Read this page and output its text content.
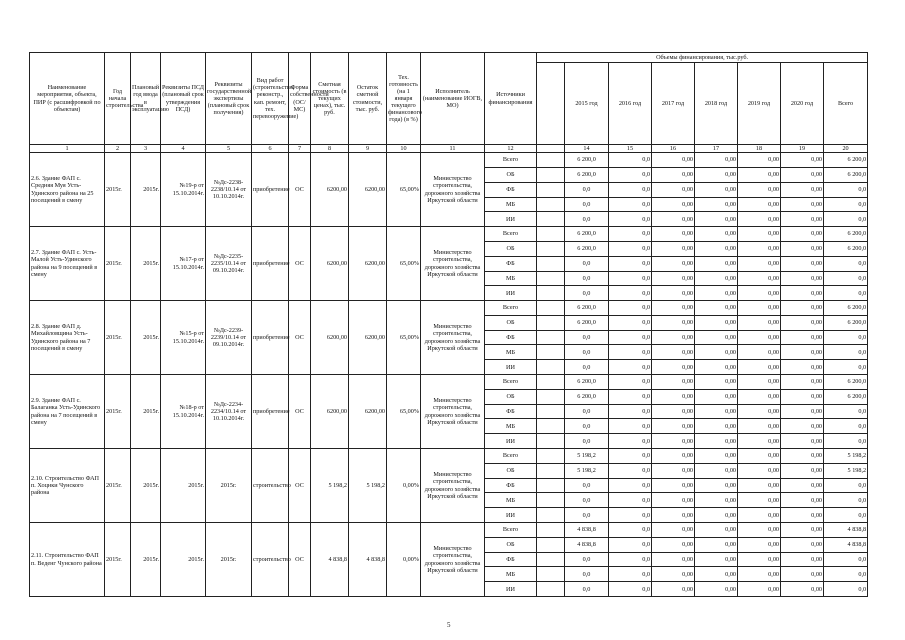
Наименование мероприятия, объекта, ПИР (с расшифровкой по объектам)	Год начала строительства	Плановый год ввода в эксплуатацию	Реквизиты ПСД (плановый срок утверждения ПСД)	Реквизиты государственной экспертизы (плановый срок получения)	Вид работ (строительство, реконстр., кап. ремонт, тех. перевооружение)	Форма собственности (ОС/МС)	Сметная стоимость (в текущих ценах), тыс. руб.	Остаток сметной стоимости, тыс. руб.	Тех. готовность (на 1 января текущего финансового года) (в %)	Исполнитель (наименование ИОГВ, МО)	Источники финансирования	Объемы финансирования, тыс.руб.							
													2015 год	2016 год	2017 год	2018 год	2019 год	2020 год	Всего
1	2	3	4	5	6	7	8	9	10	11	12		14	15	16	17	18	19	20
2.6. Здание ФАП с. Средняя Муя Усть-Удинского района на 25 посещений в смену	2015г.	2015г.	№19-р от 15.10.2014г.	№Дс-2238-2238/10.14 от 10.10.2014г.	приобретение	ОС	6200,00	6200,00	65,00%	Министерство строительства, дорожного хозяйства Иркутской области	Всего		6 200,0	0,0	0,00	0,00	0,00	0,00	6 200,0
											ОБ		6 200,0	0,0	0,00	0,00	0,00	0,00	6 200,0
											ФБ		0,0	0,0	0,00	0,00	0,00	0,00	0,0
											МБ		0,0	0,0	0,00	0,00	0,00	0,00	0,0
											ИИ		0,0	0,0	0,00	0,00	0,00	0,00	0,0
2.7. Здание ФАП с. Усть-Малой Усть-Удинского района на 9 посещений в смену	2015г.	2015г.	№17-р от 15.10.2014г.	№Дс-2235-2235/10.14 от 09.10.2014г.	приобретение	ОС	6200,00	6200,00	65,00%	Министерство строительства, дорожного хозяйства Иркутской области	Всего		6 200,0	0,0	0,00	0,00	0,00	0,00	6 200,0
											ОБ		6 200,0	0,0	0,00	0,00	0,00	0,00	6 200,0
											ФБ		0,0	0,0	0,00	0,00	0,00	0,00	0,0
											МБ		0,0	0,0	0,00	0,00	0,00	0,00	0,0
											ИИ		0,0	0,0	0,00	0,00	0,00	0,00	0,0
2.8. Здание ФАП д. Михайловщина Усть-Удинского района на 7 посещений в смену	2015г.	2015г.	№15-р от 15.10.2014г.	№Дс-2239-2239/10.14 от 09.10.2014г.	приобретение	ОС	6200,00	6200,00	65,00%	Министерство строительства, дорожного хозяйства Иркутской области	Всего		6 200,0	0,0	0,00	0,00	0,00	0,00	6 200,0
											ОБ		6 200,0	0,0	0,00	0,00	0,00	0,00	6 200,0
											ФБ		0,0	0,0	0,00	0,00	0,00	0,00	0,0
											МБ		0,0	0,0	0,00	0,00	0,00	0,00	0,0
											ИИ		0,0	0,0	0,00	0,00	0,00	0,00	0,0
2.9. Здание ФАП с. Балаганка Усть-Удинского района на 7 посещений в смену	2015г.	2015г.	№18-р от 15.10.2014г.	№Дс-2234-2234/10.14 от 10.10.2014г.	приобретение	ОС	6200,00	6200,00	65,00%	Министерство строительства, дорожного хозяйства Иркутской области	Всего		6 200,0	0,0	0,00	0,00	0,00	0,00	6 200,0
											ОБ		6 200,0	0,0	0,00	0,00	0,00	0,00	6 200,0
											ФБ		0,0	0,0	0,00	0,00	0,00	0,00	0,0
											МБ		0,0	0,0	0,00	0,00	0,00	0,00	0,0
											ИИ		0,0	0,0	0,00	0,00	0,00	0,00	0,0
2.10. Строительство ФАП п. Хоцнки Чунского района	2015г.	2015г.	2015г.	2015г.	строительство	ОС	5 198,2	5 198,2	0,00%	Министерство строительства, дорожного хозяйства Иркутской области	Всего		5 198,2	0,0	0,00	0,00	0,00	0,00	5 198,2
											ОБ		5 198,2	0,0	0,00	0,00	0,00	0,00	5 198,2
											ФБ		0,0	0,0	0,00	0,00	0,00	0,00	0,0
											МБ		0,0	0,0	0,00	0,00	0,00	0,00	0,0
											ИИ		0,0	0,0	0,00	0,00	0,00	0,00	0,0
2.11. Строительство ФАП п. Веденг Чунского района	2015г.	2015г.	2015г.	2015г.	строительство	ОС	4 838,8	4 838,8	0,00%	Министерство строительства, дорожного хозяйства Иркутской области	Всего		4 838,8	0,0	0,00	0,00	0,00	0,00	4 838,8
											ОБ		4 838,8	0,0	0,00	0,00	0,00	0,00	4 838,8
											ФБ		0,0	0,0	0,00	0,00	0,00	0,00	0,0
											МБ		0,0	0,0	0,00	0,00	0,00	0,00	0,0
											ИИ		0,0	0,0	0,00	0,00	0,00	0,00	0,0
5
